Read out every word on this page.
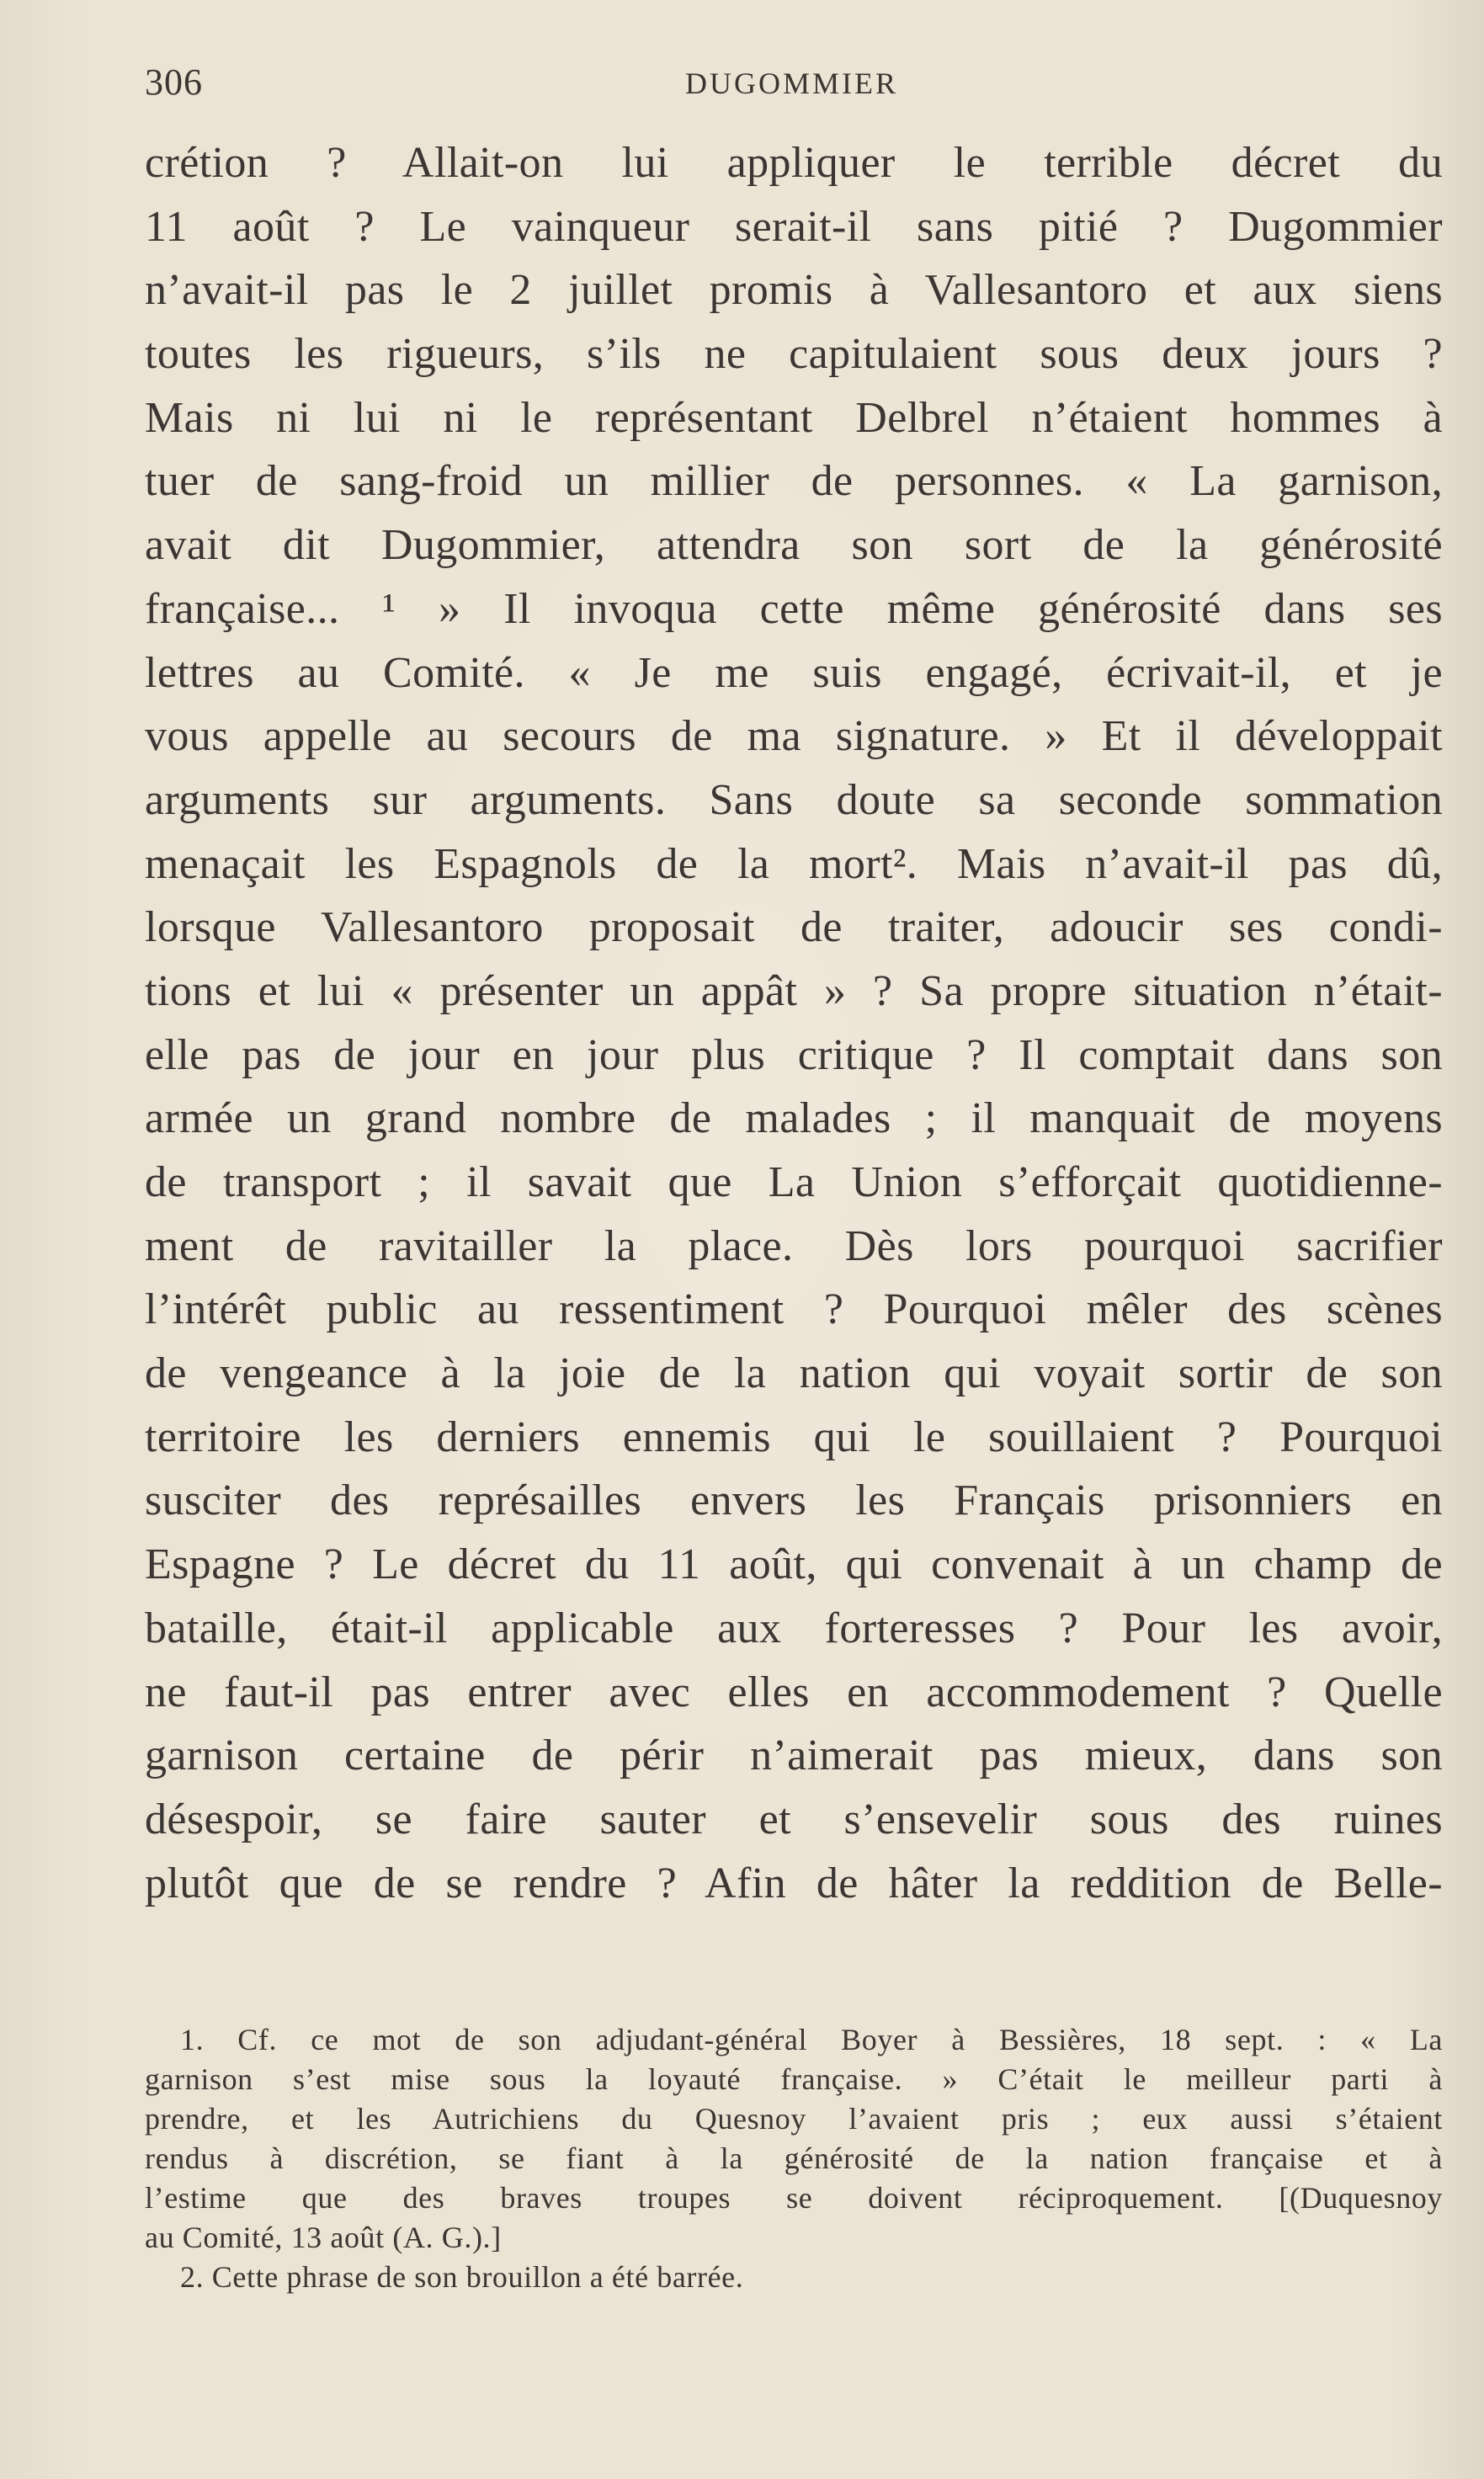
306	DUGOMMIER
crétion ? Allait-on lui appliquer le terrible décret du
11 août ? Le vainqueur serait-il sans pitié ? Dugommier
n’avait-il pas le 2 juillet promis à Vallesantoro et aux siens
toutes les rigueurs, s’ils ne capitulaient sous deux jours ?
Mais ni lui ni le représentant Delbrel n’étaient hommes à
tuer de sang-froid un millier de personnes. « La garnison,
avait dit Dugommier, attendra son sort de la générosité
française... ¹ » Il invoqua cette même générosité dans ses
lettres au Comité. « Je me suis engagé, écrivait-il, et je
vous appelle au secours de ma signature. » Et il développait
arguments sur arguments. Sans doute sa seconde sommation
menaçait les Espagnols de la mort². Mais n’avait-il pas dû,
lorsque Vallesantoro proposait de traiter, adoucir ses condi-
tions et lui « présenter un appât » ? Sa propre situation n’était-
elle pas de jour en jour plus critique ? Il comptait dans son
armée un grand nombre de malades ; il manquait de moyens
de transport ; il savait que La Union s’efforçait quotidienne-
ment de ravitailler la place. Dès lors pourquoi sacrifier
l’intérêt public au ressentiment ? Pourquoi mêler des scènes
de vengeance à la joie de la nation qui voyait sortir de son
territoire les derniers ennemis qui le souillaient ? Pourquoi
susciter des représailles envers les Français prisonniers en
Espagne ? Le décret du 11 août, qui convenait à un champ de
bataille, était-il applicable aux forteresses ? Pour les avoir,
ne faut-il pas entrer avec elles en accommodement ? Quelle
garnison certaine de périr n’aimerait pas mieux, dans son
désespoir, se faire sauter et s’ensevelir sous des ruines
plutôt que de se rendre ? Afin de hâter la reddition de Belle-
1. Cf. ce mot de son adjudant-général Boyer à Bessières, 18 sept. : « La
garnison s’est mise sous la loyauté française. » C’était le meilleur parti à
prendre, et les Autrichiens du Quesnoy l’avaient pris ; eux aussi s’étaient
rendus à discrétion, se fiant à la générosité de la nation française et à
l’estime que des braves troupes se doivent réciproquement. [(Duquesnoy
au Comité, 13 août (A. G.).]
2. Cette phrase de son brouillon a été barrée.
